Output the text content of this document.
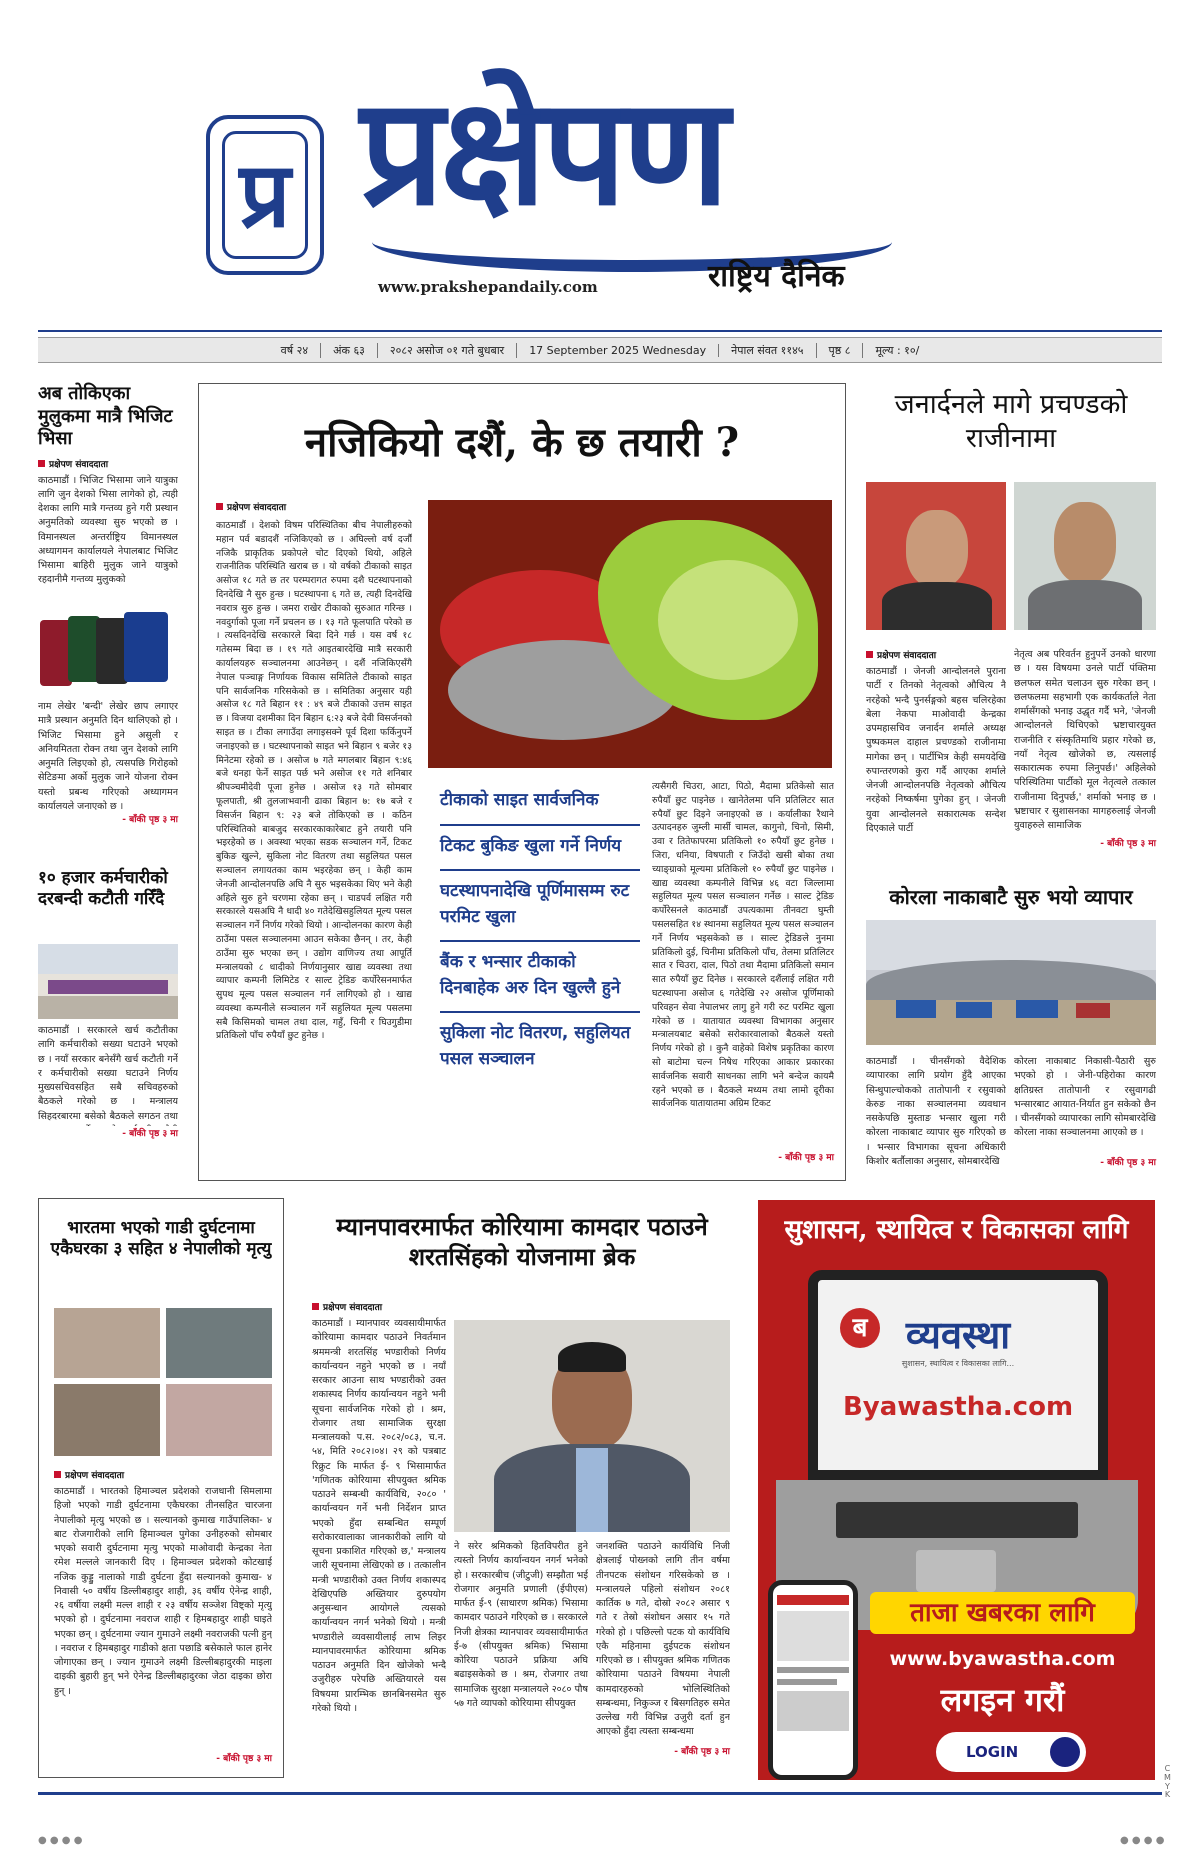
प्र प्रक्षेपण
राष्ट्रिय दैनिक
www.prakshepandaily.com
वर्ष २४	अंक ६३	२०८२ असोज ०१ गते बुधबार	17 September 2025 Wednesday	नेपाल संवत ११४५	पृष्ठ ८	मूल्य : १०/
अब तोकिएका मुलुकमा मात्रै भिजिट भिसा
प्रक्षेपण संवाददाता
काठमाडौं । भिजिट भिसामा जाने यात्रुका लागि जुन देशको भिसा लागेको हो, त्यही देशका लागि मात्रै गन्तव्य हुने गरी प्रस्थान अनुमतिको व्यवस्था सुरु भएको छ । विमानस्थल अन्तर्राष्ट्रिय विमानस्थल अध्यागमन कार्यालयले नेपालबाट भिजिट भिसामा बाहिरी मुलुक जाने यात्रुको रहदानीमै गन्तव्य मुलुकको
नाम लेखेर 'बन्दी' लेखेर छाप लगाएर मात्रै प्रस्थान अनुमति दिन थालिएको हो । भिजिट भिसामा हुने असुली र अनियमितता रोक्न तथा जुन देशको लागि अनुमति लिइएको हो, त्यसपछि गिरोहको सेटिङमा अर्को मुलुक जाने योजना रोक्न यस्तो प्रबन्ध गरिएको अध्यागमन कार्यालयले जनाएको छ ।
- बाँकी पृष्ठ ३ मा
१० हजार कर्मचारीको दरबन्दी कटौती गरिँदै
काठमाडौं । सरकारले खर्च कटौतीका लागि कर्मचारीको सख्या घटाउने भएको छ । नयाँ सरकार बनेसँगै खर्च कटौती गर्ने र कर्मचारीको सख्या घटाउने निर्णय मुख्यसचिवसहित सबै सचिवहरुको बैठकले गरेको छ । मन्त्रालय सिहदरबारमा बसेको बैठकले सगठन तथा
- बाँकी पृष्ठ ३ मा
नजिकियो दशैं, के छ तयारी ?
प्रक्षेपण संवाददाता
काठमाडौं । देशको विषम परिस्थितिका बीच नेपालीहरुको महान पर्व बडादशैं नजिकिएको छ । अघिल्लो वर्ष दर्जौं नजिकै प्राकृतिक प्रकोपले चोट दिएको थियो, अहिले राजनीतिक परिस्थिति खराब छ । यो वर्षको टीकाको साइत असोज १८ गते छ तर परम्परागत रुपमा दशै घटस्थापनाको दिनदेखि नै सुरु हुन्छ । घटस्थापना ६ गते छ, त्यही दिनदेखि नवरात्र सुरु हुन्छ । जमरा राखेर टीकाको सुरुआत गरिन्छ । नवदुर्गाको पूजा गर्ने प्रचलन छ । १३ गते फूलपाति परेको छ । त्यसदिनदेखि सरकारले बिदा दिने गर्छ । यस वर्ष १८ गतेसम्म बिदा छ । १९ गते आइतबारदेखि मात्रै सरकारी कार्यालयहरु सञ्चालनमा आउनेछन् । दशैं नजिकिएसँगै नेपाल पञ्चाङ्ग निर्णायक विकास समितिले टीकाको साइत पनि सार्वजनिक गरिसकेको छ । समितिका अनुसार यही असोज १८ गते बिहान ११ : ४९ बजे टीकाको उत्तम साइत छ । विजया दशमीका दिन बिहान ६:२३ बजे देवी विसर्जनको साइत छ । टीका लगाउँदा लगाइसक्ने पूर्व दिशा फर्किनुपर्ने जनाइएको छ । घटस्थापनाको साइत भने बिहान ९ बजेर १३ मिनेटमा रहेको छ । असोज ७ गते मगलबार बिहान ९:४६ बजे धनहा फेर्ने साइत पर्छ भने असोज ११ गते शनिबार श्रीपञ्चमीदेवी पूजा हुनेछ । असोज १३ गते सोमबार फूलपाती, श्री तुलजाभवानी ढाका बिहान ७: १७ बजे र विसर्जन बिहान ९: २३ बजे तोकिएको छ । कठिन परिस्थितिको बाबजुद सरकारकाकारेबाट हुने तयारी पनि भइरहेको छ । अवस्था भएका सडक सञ्चालन गर्ने, टिकट बुकिङ खुल्ने, सुकिला नोट वितरण तथा सहुलियत पसल सञ्चालन लगायतका काम भइरहेका छन् । केही काम जेनजी आन्दोलनपछि अघि नै सुरु भइसकेका थिए भने केही अहिले सुरु हुने चरणमा रहेका छन् । चाडपर्व लक्षित गरी सरकारले यसअघि नै धादी ४० गतेदेखिसहुलियत मूल्य पसल सञ्चालन गर्ने निर्णय गरेको थियो । आन्दोलनका कारण केही ठाउँमा पसल सञ्चालनमा आउन सकेका छैनन् । तर, केही ठाउँमा सुरु भएका छन् । उद्योग वाणिज्य तथा आपूर्ति मन्त्रालयको ८ धादीको निर्णयानुसार खाद्य व्यवस्था तथा व्यापार कम्पनी लिमिटेड र साल्ट ट्रेडिङ कर्पोरेसनमार्फत सुपथ मूल्य पसल सञ्चालन गर्न लागिएको हो । खाद्य व्यवस्था कम्पनीले सञ्चालन गर्ने सहुलियत मूल्य पसलमा सबै किसिमको चामल तथा दाल, गहुँ, चिनी र घिउगुडीमा प्रतिकिलो पाँच रुपैयाँ छुट हुनेछ ।
टीकाको साइत सार्वजनिक
टिकट बुकिङ खुला गर्ने निर्णय
घटस्थापनादेखि पूर्णिमासम्म रुट परमिट खुला
बैंक र भन्सार टीकाको दिनबाहेक अरु दिन खुल्लै हुने
सुकिला नोट वितरण, सहुलियत पसल सञ्चालन
त्यसैगरी चिउरा, आटा, पिठो, मैदामा प्रतिकेसो सात रुपैयाँ छुट पाइनेछ । खानेतेलमा पनि प्रतिलिटर सात रुपैयाँ छुट दिइने जनाइएको छ । कर्यालीका रैथाने उत्पादनहरु जुम्ली मार्सी चामल, कागुनो, चिनो, सिमी, उवा र तितेफापरमा प्रतिकिलो १० रुपैयाँ छुट हुनेछ । जिरा, धनिया, विषपाती र जिउँदो खसी बोका तथा च्याङ्ग्राको मूल्यमा प्रतिकिलो १० रुपैयाँ छुट पाइनेछ । खाद्य व्यवस्था कम्पनीले विभिन्न ४६ वटा जिल्लामा सहुलियत मूल्य पसल सञ्चालन गर्नेछ । साल्ट ट्रेडिङ कर्पोरेसनले काठमाडौं उपत्यकामा तीनवटा घुम्ती पसलसहित १४ स्थानमा सहुलियत मूल्य पसल सञ्चालन गर्ने निर्णय भइसकेको छ । साल्ट ट्रेडिङले नुनमा प्रतिकिलो दुई, चिनीमा प्रतिकिलो पाँच, तेलमा प्रतिलिटर सात र चिउरा, दाल, पिठो तथा मैदामा प्रतिकिलो समान सात रुपैयाँ छुट दिनेछ । सरकारले दशैंलाई लक्षित गरी घटस्थापना असोज ६ गतेदेखि २२ असोज पूर्णिमाको परिवहन सेवा नेपालभर लागु हुने गरी रुट परमिट खुला गरेको छ । यातायात व्यवस्था विभागका अनुसार मन्त्रालयबाट बसेको सरोकारवालाको बैठकले यस्तो निर्णय गरेको हो । कुनै वाहेको विशेष प्रकृतिका कारण सो बाटोमा चल्न निषेध गरिएका आकार प्रकारका सार्वजनिक सवारी साधनका लागि भने बन्देज कायमै रहने भएको छ । बैठकले मध्यम तथा लामो दूरीका सार्वजनिक यातायातमा अग्रिम टिकट
- बाँकी पृष्ठ ३ मा
जनार्दनले मागे प्रचण्डको राजीनामा
प्रक्षेपण संवाददाता
काठमाडौं । जेनजी आन्दोलनले पुराना पार्टी र तिनको नेतृत्वको औचित्य नै नरहेको भन्दै पुनर्सङ्गको बहस चलिरहेका बेला नेकपा माओवादी केन्द्रका उपमहासचिव जनार्दन शर्माले अध्यक्ष पुष्पकमल दाहाल प्रचण्डको राजीनामा मागेका छन् । पार्टीभित्र केही समयदेखि रुपान्तरणको कुरा गर्दै आएका शर्माले जेनजी आन्दोलनपछि नेतृत्वको औचित्य नरहेको निष्कर्षमा पुगेका हुन् । जेनजी युवा आन्दोलनले सकारात्मक सन्देश दिएकाले पार्टी
नेतृत्व अब परिवर्तन हुनुपर्ने उनको धारणा छ । यस विषयमा उनले पार्टी पंक्तिमा छलफल समेत चलाउन सुरु गरेका छन् । छलफलमा सहभागी एक कार्यकर्ताले नेता शर्मासँगको भनाइ उद्धृत गर्दै भने, 'जेनजी आन्दोलनले थिचिएको भ्रष्टाचारयुक्त राजनीति र संस्कृतिमाथि प्रहार गरेको छ, नयाँ नेतृत्व खोजेको छ, त्यसलाई सकारात्मक रुपमा लिनुपर्छ।' अहिलेको परिस्थितिमा पार्टीको मूल नेतृत्वले तत्काल राजीनामा दिनुपर्छ,' शर्माको भनाइ छ । भ्रष्टाचार र सुशासनका मागहरुलाई जेनजी युवाहरुले सामाजिक
- बाँकी पृष्ठ ३ मा
कोरला नाकाबाटै सुरु भयो व्यापार
काठमाडौं । चीनसँगको वैदेशिक व्यापारका लागि प्रयोग हुँदै आएका सिन्धुपाल्चोकको तातोपानी र रसुवाको केरुङ नाका सञ्चालनमा व्यवधान नसकेपछि मुस्ताङ भन्सार खुला गरी कोरला नाकाबाट व्यापार सुरु गरिएको छ । भन्सार विभागका सूचना अधिकारी किशोर बर्तौलाका अनुसार, सोमबारदेखि
कोरला नाकाबाट निकासी-पैठारी सुरु भएको हो । जेनी-पहिरोका कारण क्षतिग्रस्त तातोपानी र रसुवागढी भन्सारबाट आयात-निर्यात हुन सकेको छैन । चीनसँगको व्यापारका लागि सोमबारदेखि कोरला नाका सञ्चालनमा आएको छ ।
- बाँकी पृष्ठ ३ मा
भारतमा भएको गाडी दुर्घटनामा एकैघरका ३ सहित ४ नेपालीको मृत्यु
प्रक्षेपण संवाददाता
काठमाडौं । भारतको हिमाञ्चल प्रदेशको राजधानी सिमलामा हिजो भएको गाडी दुर्घटनामा एकैघरका तीनसहित चारजना नेपालीको मृत्यु भएको छ । सल्यानको कुमाख गाउँपालिका- ४ बाट रोजगारीको लागि हिमाञ्चल पुगेका उनीहरुको सोमबार भएको सवारी दुर्घटनामा मृत्यु भएको माओवादी केन्द्रका नेता रमेश मल्लले जानकारी दिए । हिमाञ्चल प्रदेशको कोटखाई नजिक कुड्डु नालाको गाडी दुर्घटना हुँदा सल्यानको कुमाख- ४ निवासी ५० वर्षीय डिल्लीबहादुर शाही, ३६ वर्षीय ऐनेन्द्र शाही, २६ वर्षीया लक्ष्मी मल्ल शाही र २३ वर्षीय सञ्जेश विष्ट्को मृत्यु भएको हो । दुर्घटनामा नवराज शाही र हिमबहादुर शाही घाइते भएका छन् । दुर्घटनामा ज्यान गुमाउने लक्ष्मी नवराजकी पत्नी हुन् । नवराज र हिमबहादुर गाडीको क्षता पछाडि बसेकाले फाल हानेर जोगाएका छन् । ज्यान गुमाउने लक्ष्मी डिल्लीबहादुरकी माइला दाइकी बुहारी हुन् भने ऐनेन्द्र डिल्लीबहादुरका जेठा दाइका छोरा हुन् ।
- बाँकी पृष्ठ ३ मा
म्यानपावरमार्फत कोरियामा कामदार पठाउने शरतसिंहको योजनामा ब्रेक
प्रक्षेपण संवाददाता
काठमाडौं । म्यानपावर व्यवसायीमार्फत कोरियामा कामदार पठाउने निवर्तमान श्रममन्त्री शरतसिंह भण्डारीको निर्णय कार्यान्वयन नहुने भएको छ । नयाँ सरकार आउना साथ भण्डारीको उक्त शकास्पद निर्णय कार्यान्वयन नहुने भनी सूचना सार्वजनिक गरेको हो । श्रम, रोजगार तथा सामाजिक सुरक्षा मन्त्रालयको प.स. २०८२/०८३, च.न. ५४, मिति २०८२।०४। २९ को पत्रबाट रिक्रुट कि मार्फत ई- ९ भिसामार्फत 'गणितक कोरियामा सीपयुक्त श्रमिक पठाउने सम्बन्धी कार्यविधि, २०८० ' कार्यान्वयन गर्ने भनी निर्देशन प्राप्त भएको हुँदा सम्बन्धित सम्पूर्ण सरोकारवालाका जानकारीको लागि यो सूचना प्रकाशित गरिएको छ,' मन्त्रालय जारी सूचनामा लेखिएको छ । तत्कालीन मन्त्री भण्डारीको उक्त निर्णय शकास्पद देखिएपछि अख्तियार दुरुपयोग अनुसन्धान आयोगले त्यसको कार्यान्वयन नगर्न भनेको थियो । मन्त्री भण्डारीले व्यवसायीलाई लाभ लिइर म्यानपावरमार्फत कोरियामा श्रमिक पठाउन अनुमति दिन खोजेको भन्दै उजुरीहरु परेपछि अख्तियारले यस विषयमा प्रारम्भिक छानबिनसमेत सुरु गरेको थियो ।
ने सरेर श्रमिकको हितविपरीत हुने त्यस्तो निर्णय कार्यान्वयन नगर्न भनेको हो । सरकारबीच (जीटुजी) सम्झौता भई रोजगार अनुमति प्रणाली (ईपीएस) मार्फत ई-९ (साधारण श्रमिक) भिसामा कामदार पठाउने गरिएको छ । सरकारले निजी क्षेत्रका म्यानपावर व्यवसायीमार्फत ई-७ (सीपयुक्त श्रमिक) भिसामा कोरिया पठाउने प्रक्रिया अघि बढाइसकेको छ । श्रम, रोजगार तथा सामाजिक सुरक्षा मन्त्रालयले २०८० पौष ५७ गते व्यापको कोरियामा सीपयुक्त
जनशक्ति पठाउने कार्यविधि निजी क्षेत्रलाई पोख्नको लागि तीन वर्षमा तीनपटक संशोधन गरिसकेको छ । मन्त्रालयले पहिलो संशोधन २०८१ कार्तिक ७ गते, दोस्रो २०८२ असार ९ गते र तेस्रो संशोधन असार १५ गते गरेको हो । पछिल्लो पटक यो कार्यविधि एकै महिनामा दुईपटक संशोधन गरिएको छ । सीपयुक्त श्रमिक गणितक कोरियामा पठाउने विषयमा नेपाली कामदारहरुको भोलिस्थितिको सम्बन्धमा, निकुञ्ज र बिसगतिहरु समेत उल्लेख गरी विभिन्न उजुरी दर्ता हुन आएको हुँदा त्यस्ता सम्बन्धमा
- बाँकी पृष्ठ ३ मा
सुशासन, स्थायित्व र विकासका लागि
ब	व्यवस्था
सुशासन, स्थायित्व र विकासका लागि...
Byawastha.com
ताजा खबरका लागि
www.byawastha.com
लगइन गरौं
LOGIN
C
M
Y
K
● ● ● ●	● ● ● ●
